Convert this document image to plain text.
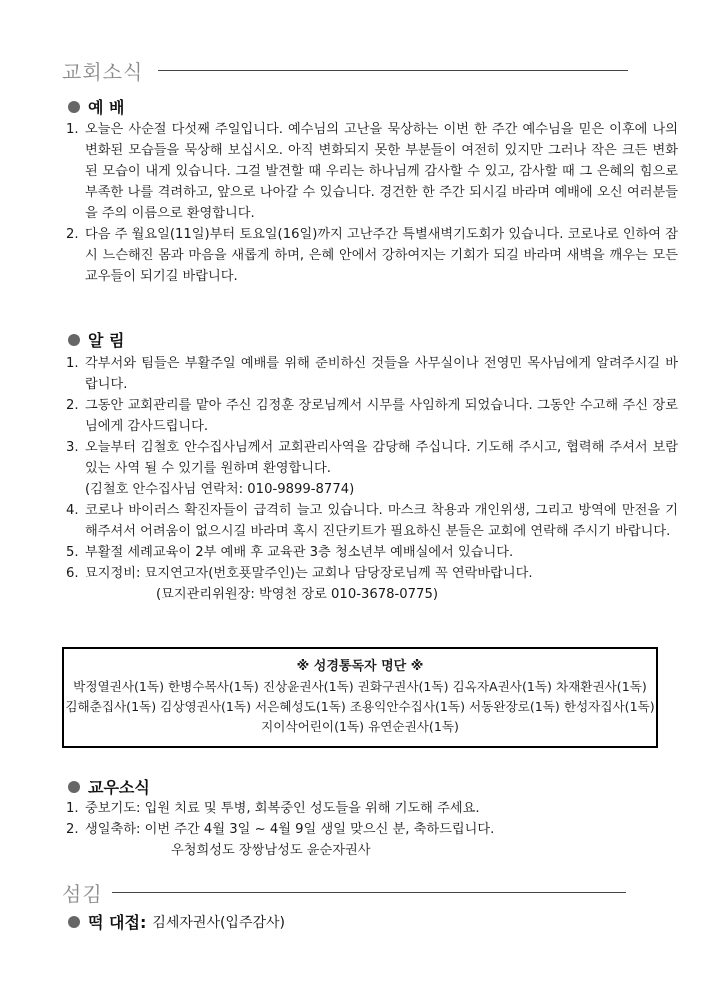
교회소식
예 배
1. 오늘은 사순절 다섯째 주일입니다. 예수님의 고난을 묵상하는 이번 한 주간 예수님을 믿은 이후에 나의 변화된 모습들을 묵상해 보십시오. 아직 변화되지 못한 부분들이 여전히 있지만 그러나 작은 크든 변화된 모습이 내게 있습니다. 그걸 발견할 때 우리는 하나님께 감사할 수 있고, 감사할 때 그 은혜의 힘으로 부족한 나를 격려하고, 앞으로 나아갈 수 있습니다. 경건한 한 주간 되시길 바라며 예배에 오신 여러분들을 주의 이름으로 환영합니다.
2. 다음 주 월요일(11일)부터 토요일(16일)까지 고난주간 특별새벽기도회가 있습니다. 코로나로 인하여 잠시 느슨해진 몸과 마음을 새롭게 하며, 은혜 안에서 강하여지는 기회가 되길 바라며 새벽을 깨우는 모든 교우들이 되기길 바랍니다.
알 림
1. 각부서와 팀들은 부활주일 예배를 위해 준비하신 것들을 사무실이나 전영민 목사님에게 알려주시길 바랍니다.
2. 그동안 교회관리를 맡아 주신 김정훈 장로님께서 시무를 사임하게 되었습니다. 그동안 수고해 주신 장로님에게 감사드립니다.
3. 오늘부터 김철호 안수집사님께서 교회관리사역을 감당해 주십니다. 기도해 주시고, 협력해 주셔서 보람 있는 사역 될 수 있기를 원하며 환영합니다.
(김철호 안수집사님 연락처: 010-9899-8774)
4. 코로나 바이러스 확진자들이 급격히 늘고 있습니다. 마스크 착용과 개인위생, 그리고 방역에 만전을 기해주셔서 어려움이 없으시길 바라며 혹시 진단키트가 필요하신 분들은 교회에 연락해 주시기 바랍니다.
5. 부활절 세례교육이 2부 예배 후 교육관 3층 청소년부 예배실에서 있습니다.
6. 묘지정비: 묘지연고자(번호푯말주인)는 교회나 담당장로님께 꼭 연락바랍니다.
(묘지관리위원장: 박영천 장로 010-3678-0775)
※ 성경통독자 명단 ※
박정열권사(1독) 한병수목사(1독) 진상윤권사(1독) 권화구권사(1독) 김옥자A권사(1독) 차재환권사(1독)
김해춘집사(1독) 김상영권사(1독) 서은혜성도(1독) 조용익안수집사(1독) 서동완장로(1독) 한성자집사(1독)
지이삭어린이(1독) 유연순권사(1독)
교우소식
1. 중보기도: 입원 치료 및 투병, 회복중인 성도들을 위해 기도해 주세요.
2. 생일축하: 이번 주간 4월 3일 ~ 4월 9일 생일 맞으신 분, 축하드립니다.
우청희성도 장쌍남성도 윤순자권사
섬김
떡 대접: 김세자권사(입주감사)
